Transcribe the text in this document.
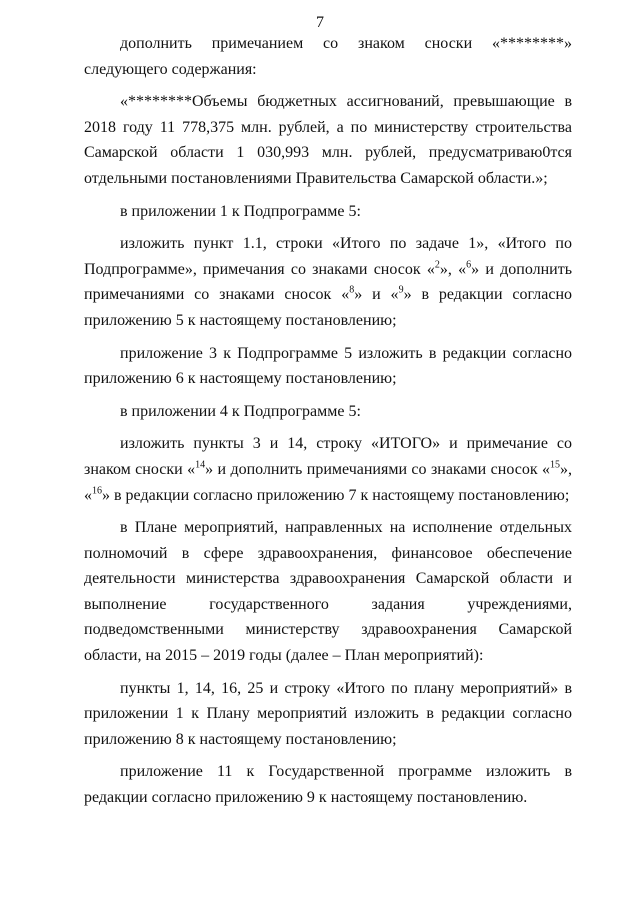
7

дополнить примечанием со знаком сноски «********» следующего содержания:

«********Объемы бюджетных ассигнований, превышающие в 2018 году 11 778,375 млн. рублей, а по министерству строительства Самарской области 1 030,993 млн. рублей, предусматриваю0тся отдельными постановлениями Правительства Самарской области.»;

в приложении 1 к Подпрограмме 5:

изложить пункт 1.1, строки «Итого по задаче 1», «Итого по Подпрограмме», примечания со знаками сносок «$^2$», «$^6$» и дополнить примечаниями со знаками сносок «$^8$» и «$^9$» в редакции согласно приложению 5 к настоящему постановлению;

приложение 3 к Подпрограмме 5 изложить в редакции согласно приложению 6 к настоящему постановлению;

в приложении 4 к Подпрограмме 5:

изложить пункты 3 и 14, строку «ИТОГО» и примечание со знаком сноски «$^{14}$» и дополнить примечаниями со знаками сносок «$^{15}$», «$^{16}$» в редакции согласно приложению 7 к настоящему постановлению;

в Плане мероприятий, направленных на исполнение отдельных полномочий в сфере здравоохранения, финансовое обеспечение деятельности министерства здравоохранения Самарской области и выполнение государственного задания учреждениями, подведомственными министерству здравоохранения Самарской области, на 2015 – 2019 годы (далее – План мероприятий):

пункты 1, 14, 16, 25 и строку «Итого по плану мероприятий» в приложении 1 к Плану мероприятий изложить в редакции согласно приложению 8 к настоящему постановлению;

приложение 11 к Государственной программе изложить в редакции согласно приложению 9 к настоящему постановлению.
